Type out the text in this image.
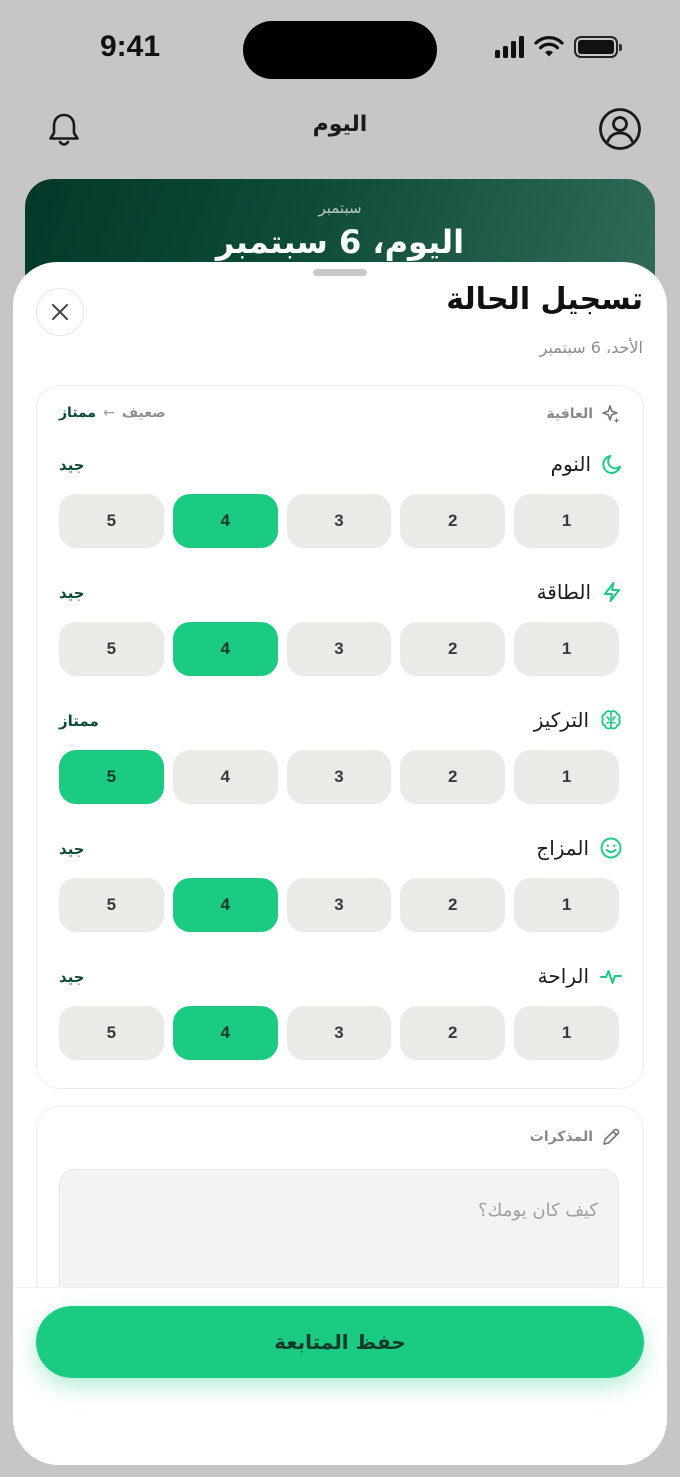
9:41
اليوم
سبتمبر
اليوم، 6 سبتمبر
تسجيل الحالة
الأحد، 6 سبتمبر
العافية
ممتاز ← ضعيف
النوم
جيد
5	4	3	2	1
الطاقة
جيد
5	4	3	2	1
التركيز
ممتاز
5	4	3	2	1
المزاج
جيد
5	4	3	2	1
الراحة
جيد
5	4	3	2	1
المذكرات
كيف كان يومك؟
حفظ المتابعة
